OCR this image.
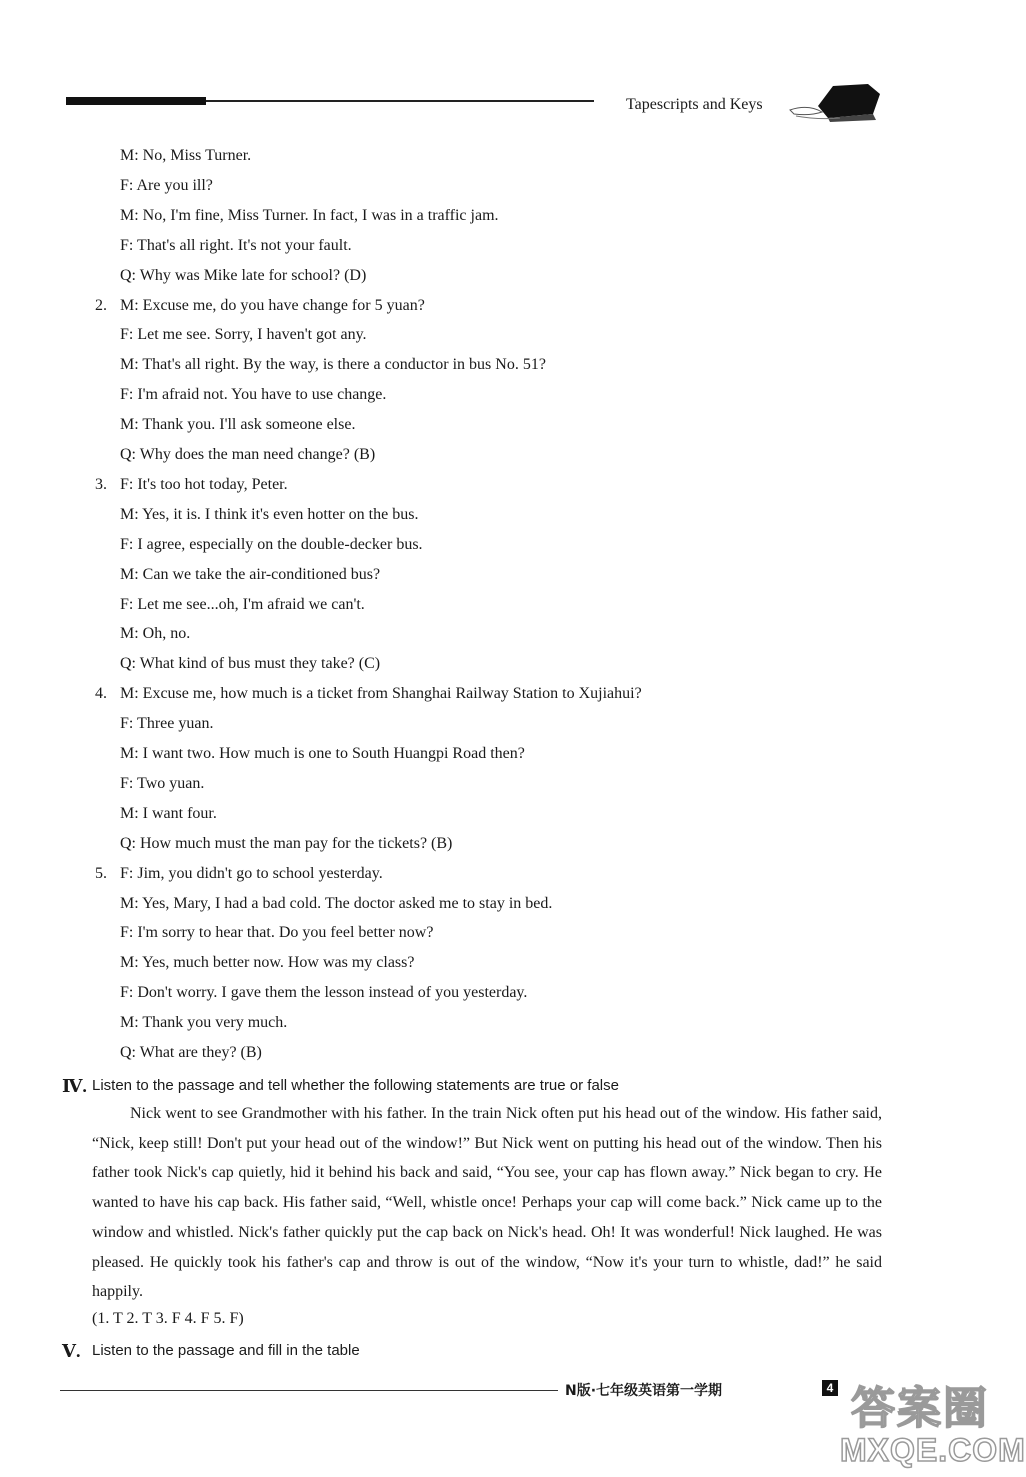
Tapescripts and Keys
M: No, Miss Turner.
F: Are you ill?
M: No, I'm fine, Miss Turner. In fact, I was in a traffic jam.
F: That's all right. It's not your fault.
Q: Why was Mike late for school? (D)
2. M: Excuse me, do you have change for 5 yuan?
F: Let me see. Sorry, I haven't got any.
M: That's all right. By the way, is there a conductor in bus No. 51?
F: I'm afraid not. You have to use change.
M: Thank you. I'll ask someone else.
Q: Why does the man need change? (B)
3. F: It's too hot today, Peter.
M: Yes, it is. I think it's even hotter on the bus.
F: I agree, especially on the double-decker bus.
M: Can we take the air-conditioned bus?
F: Let me see...oh, I'm afraid we can't.
M: Oh, no.
Q: What kind of bus must they take? (C)
4. M: Excuse me, how much is a ticket from Shanghai Railway Station to Xujiahui?
F: Three yuan.
M: I want two. How much is one to South Huangpi Road then?
F: Two yuan.
M: I want four.
Q: How much must the man pay for the tickets? (B)
5. F: Jim, you didn't go to school yesterday.
M: Yes, Mary, I had a bad cold. The doctor asked me to stay in bed.
F: I'm sorry to hear that. Do you feel better now?
M: Yes, much better now. How was my class?
F: Don't worry. I gave them the lesson instead of you yesterday.
M: Thank you very much.
Q: What are they? (B)
Ⅳ. Listen to the passage and tell whether the following statements are true or false
Nick went to see Grandmother with his father. In the train Nick often put his head out of the window. His father said, “Nick, keep still! Don't put your head out of the window!” But Nick went on putting his head out of the window. Then his father took Nick's cap quietly, hid it behind his back and said, “You see, your cap has flown away.” Nick began to cry. He wanted to have his cap back. His father said, “Well, whistle once! Perhaps your cap will come back.” Nick came up to the window and whistled. Nick's father quickly put the cap back on Nick's head. Oh! It was wonderful! Nick laughed. He was pleased. He quickly took his father's cap and throw is out of the window, “Now it's your turn to whistle, dad!” he said happily.
(1. T 2. T 3. F 4. F 5. F)
Ⅴ. Listen to the passage and fill in the table
N版·七年级英语第一学期	4 答案圈
MXQE.COM
